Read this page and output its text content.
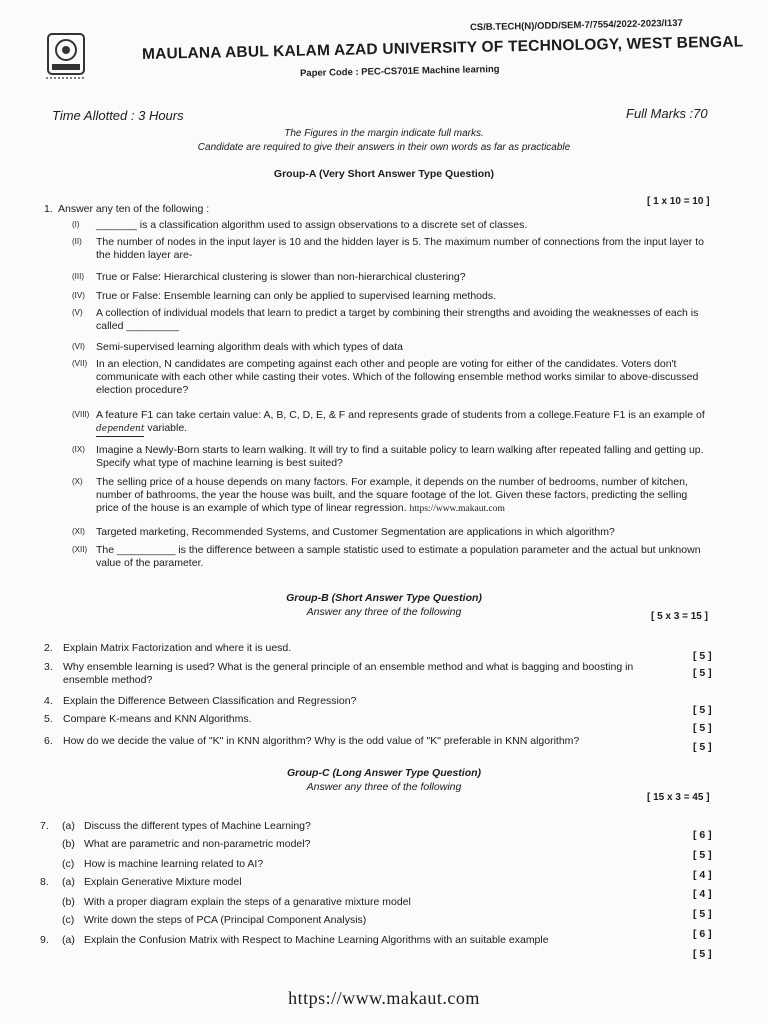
CS/B.TECH(N)/ODD/SEM-7/7554/2022-2023/I137
MAULANA ABUL KALAM AZAD UNIVERSITY OF TECHNOLOGY, WEST BENGAL
Paper Code : PEC-CS701E Machine learning
Time Allotted : 3 Hours	Full Marks :70
The Figures in the margin indicate full marks.
Candidate are required to give their answers in their own words as far as practicable
Group-A (Very Short Answer Type Question)
1. Answer any ten of the following :
[ 1 x 10 = 10 ]
(I) _______ is a classification algorithm used to assign observations to a discrete set of classes.
(II) The number of nodes in the input layer is 10 and the hidden layer is 5. The maximum number of connections from the input layer to the hidden layer are-
(III) True or False: Hierarchical clustering is slower than non-hierarchical clustering?
(IV) True or False: Ensemble learning can only be applied to supervised learning methods.
(V) A collection of individual models that learn to predict a target by combining their strengths and avoiding the weaknesses of each is called _________
(VI) Semi-supervised learning algorithm deals with which types of data
(VII) In an election, N candidates are competing against each other and people are voting for either of the candidates. Voters don't communicate with each other while casting their votes. Which of the following ensemble method works similar to above-discussed election procedure?
(VIII) A feature F1 can take certain value: A, B, C, D, E, & F and represents grade of students from a college.Feature F1 is an example of dependent variable.
(IX) Imagine a Newly-Born starts to learn walking. It will try to find a suitable policy to learn walking after repeated falling and getting up. Specify what type of machine learning is best suited?
(X) The selling price of a house depends on many factors. For example, it depends on the number of bedrooms, number of kitchen, number of bathrooms, the year the house was built, and the square footage of the lot. Given these factors, predicting the selling price of the house is an example of which type of linear regression. https://www.makaut.com
(XI) Targeted marketing, Recommended Systems, and Customer Segmentation are applications in which algorithm?
(XII) The __________ is the difference between a sample statistic used to estimate a population parameter and the actual but unknown value of the parameter.
Group-B (Short Answer Type Question)
Answer any three of the following	[ 5 x 3 = 15 ]
2. Explain Matrix Factorization and where it is uesd.
[ 5 ]
3. Why ensemble learning is used? What is the general principle of an ensemble method and what is bagging and boosting in ensemble method?
[ 5 ]
4. Explain the Difference Between Classification and Regression?
[ 5 ]
5. Compare K-means and KNN Algorithms.
[ 5 ]
6. How do we decide the value of "K" in KNN algorithm? Why is the odd value of "K" preferable in KNN algorithm?	[ 5 ]
Group-C (Long Answer Type Question)
Answer any three of the following
[ 15 x 3 = 45 ]
7. (a) Discuss the different types of Machine Learning?
[ 6 ]
(b) What are parametric and non-parametric model?
[ 5 ]
(c) How is machine learning related to AI?
[ 4 ]
8. (a) Explain Generative Mixture model
[ 4 ]
(b) With a proper diagram explain the steps of a genarative mixture model
[ 5 ]
(c) Write down the steps of PCA (Principal Component Analysis)
[ 6 ]
9. (a) Explain the Confusion Matrix with Respect to Machine Learning Algorithms with an suitable example
[ 5 ]
https://www.makaut.com
